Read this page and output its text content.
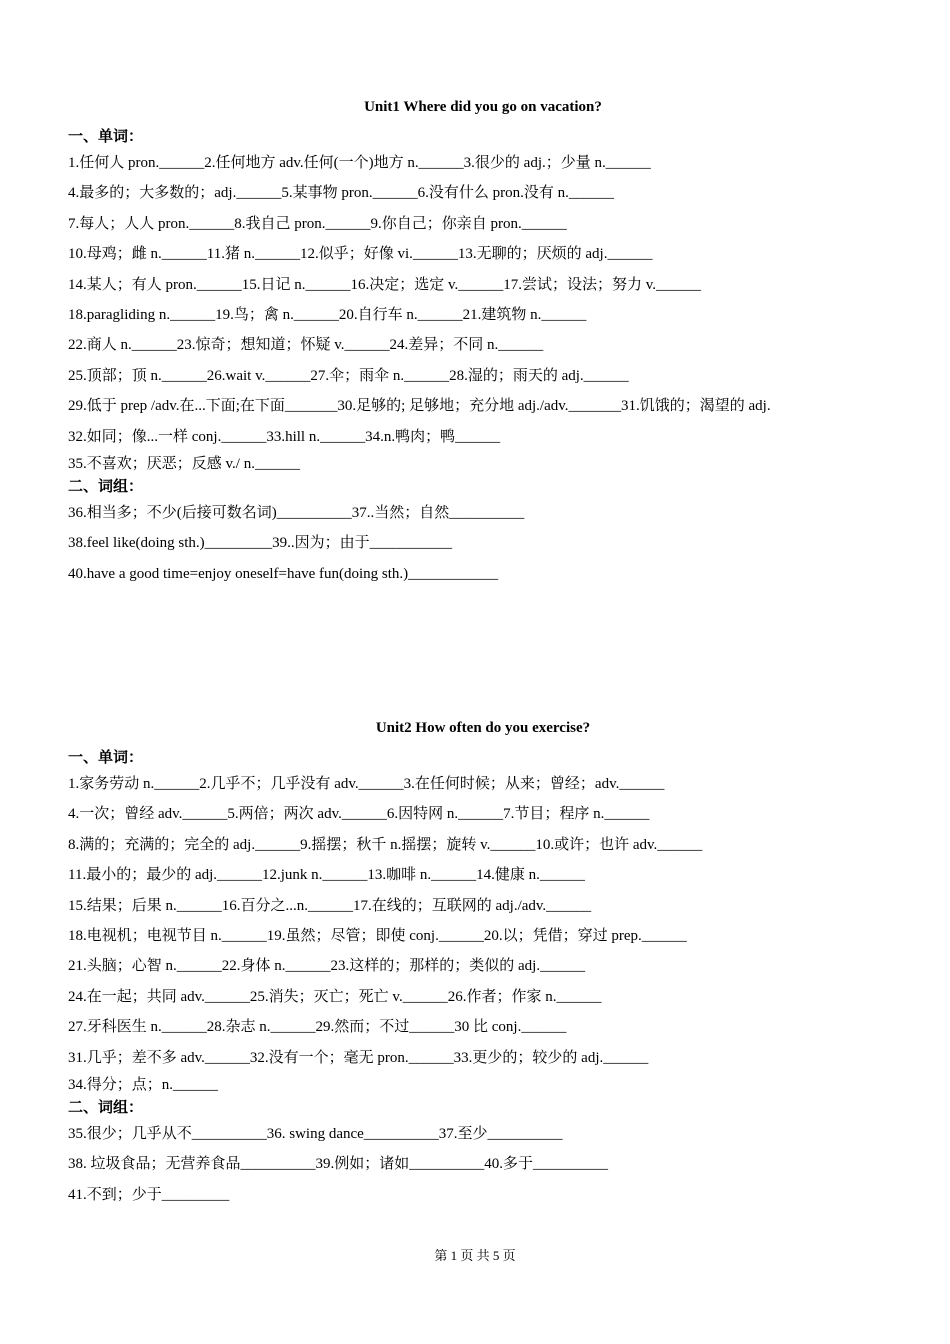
Unit1 Where did you go on vacation?
一、单词：
1.任何人 pron.______2.任何地方 adv.任何(一个)地方 n.______3.很少的 adj.；少量 n.______
4.最多的；大多数的；adj.______5.某事物 pron.______6.没有什么 pron.没有 n.______
7.每人；人人 pron.______8.我自己 pron.______9.你自己；你亲自 pron.______
10.母鸡；雌 n.______11.猪 n.______12.似乎；好像 vi.______13.无聊的；厌烦的 adj.______
14.某人；有人 pron.______15.日记 n.______16.决定；选定 v.______17.尝试；设法；努力 v.______
18.paragliding n.______19.鸟；禽 n.______20.自行车 n.______21.建筑物 n.______
22.商人 n.______23.惊奇；想知道；怀疑 v.______24.差异；不同 n.______
25.顶部；顶 n.______26.wait v.______27.伞；雨伞 n.______28.湿的；雨天的 adj.______
29.低于 prep /adv.在...下面;在下面_______30.足够的; 足够地；充分地 adj./adv._______31.饥饿的；渴望的 adj.
32.如同；像...一样 conj.______33.hill n.______34.n.鸭肉；鸭______
35.不喜欢；厌恶；反感 v./ n.______
二、词组：
36.相当多；不少(后接可数名词)__________37..当然；自然__________
38.feel like(doing sth.)_________39..因为；由于___________
40.have a good time=enjoy oneself=have fun(doing sth.)____________
Unit2 How often do you exercise?
一、单词：
1.家务劳动 n.______2.几乎不；几乎没有 adv.______3.在任何时候；从来；曾经；adv.______
4.一次；曾经 adv.______5.两倍；两次 adv.______6.因特网 n.______7.节目；程序 n.______
8.满的；充满的；完全的 adj.______9.摇摆；秋千 n.摇摆；旋转 v.______10.或许；也许 adv.______
11.最小的；最少的 adj.______12.junk n.______13.咖啡 n.______14.健康 n.______
15.结果；后果 n.______16.百分之...n.______17.在线的；互联网的 adj./adv.______
18.电视机；电视节目 n.______19.虽然；尽管；即使 conj.______20.以；凭借；穿过 prep.______
21.头脑；心智 n.______22.身体 n.______23.这样的；那样的；类似的 adj.______
24.在一起；共同 adv.______25.消失；灭亡；死亡 v.______26.作者；作家 n.______
27.牙科医生 n.______28.杂志 n.______29.然而；不过______30 比 conj.______
31.几乎；差不多 adv.______32.没有一个；毫无 pron.______33.更少的；较少的 adj.______
34.得分；点；n.______
二、词组：
35.很少；几乎从不__________36. swing dance__________37.至少__________
38. 垃圾食品；无营养食品__________39.例如；诸如__________40.多于__________
41.不到；少于_________
第 1 页 共 5 页
